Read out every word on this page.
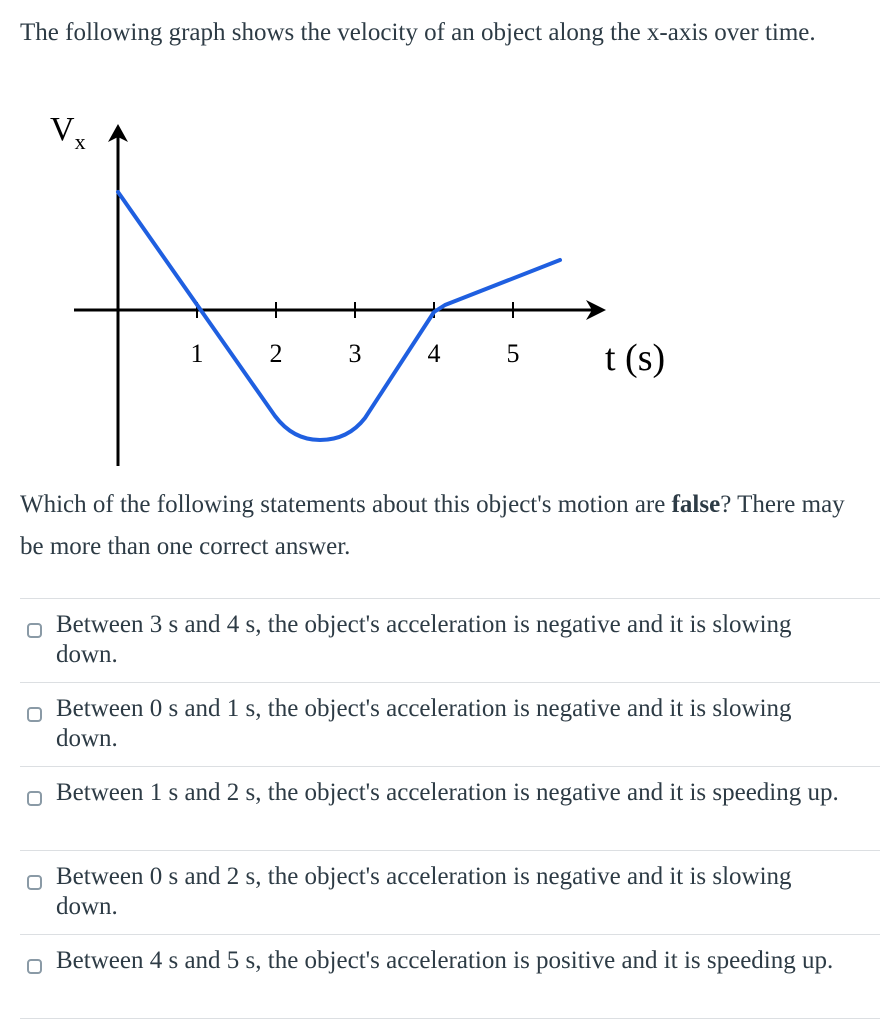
The following graph shows the velocity of an object along the x-axis over time.

1	2	3	4	5
Vx
t (s)

Which of the following statements about this object's motion are false? There may be more than one correct answer.

Between 3 s and 4 s, the object's acceleration is negative and it is slowing down.
Between 0 s and 1 s, the object's acceleration is negative and it is slowing down.
Between 1 s and 2 s, the object's acceleration is negative and it is speeding up.
Between 0 s and 2 s, the object's acceleration is negative and it is slowing down.
Between 4 s and 5 s, the object's acceleration is positive and it is speeding up.
